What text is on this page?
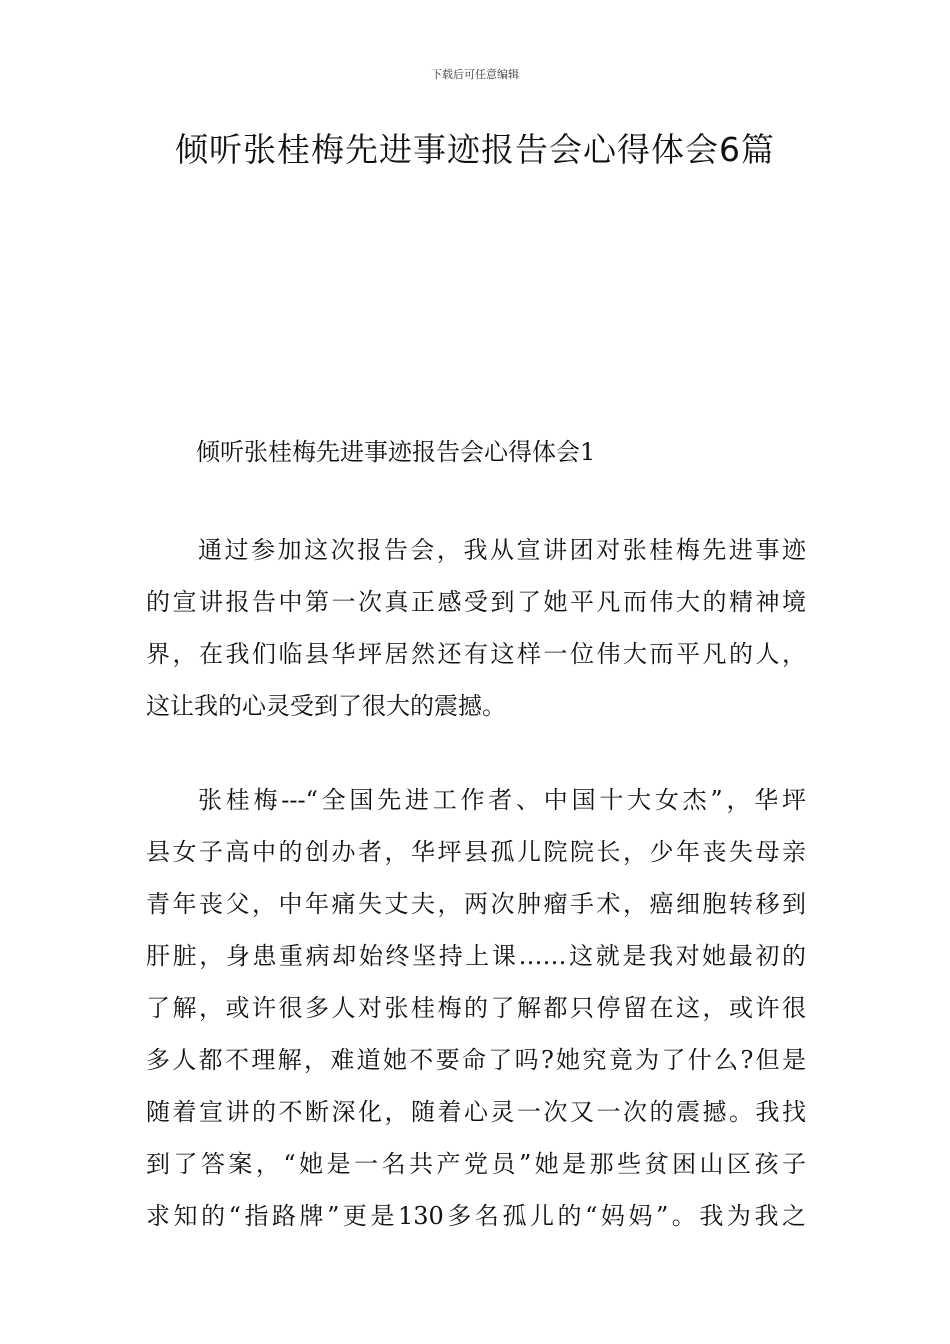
下载后可任意编辑
倾听张桂梅先进事迹报告会心得体会6篇
倾听张桂梅先进事迹报告会心得体会1
通过参加这次报告会，我从宣讲团对张桂梅先进事迹
的宣讲报告中第一次真正感受到了她平凡而伟大的精神境
界，在我们临县华坪居然还有这样一位伟大而平凡的人，
这让我的心灵受到了很大的震撼。
张桂梅---“全国先进工作者、中国十大女杰”，华坪
县女子高中的创办者，华坪县孤儿院院长，少年丧失母亲
青年丧父，中年痛失丈夫，两次肿瘤手术，癌细胞转移到
肝脏，身患重病却始终坚持上课……这就是我对她最初的
了解，或许很多人对张桂梅的了解都只停留在这，或许很
多人都不理解，难道她不要命了吗?她究竟为了什么?但是
随着宣讲的不断深化，随着心灵一次又一次的震撼。我找
到了答案，“她是一名共产党员”她是那些贫困山区孩子
求知的“指路牌”更是130多名孤儿的“妈妈”。我为我之
